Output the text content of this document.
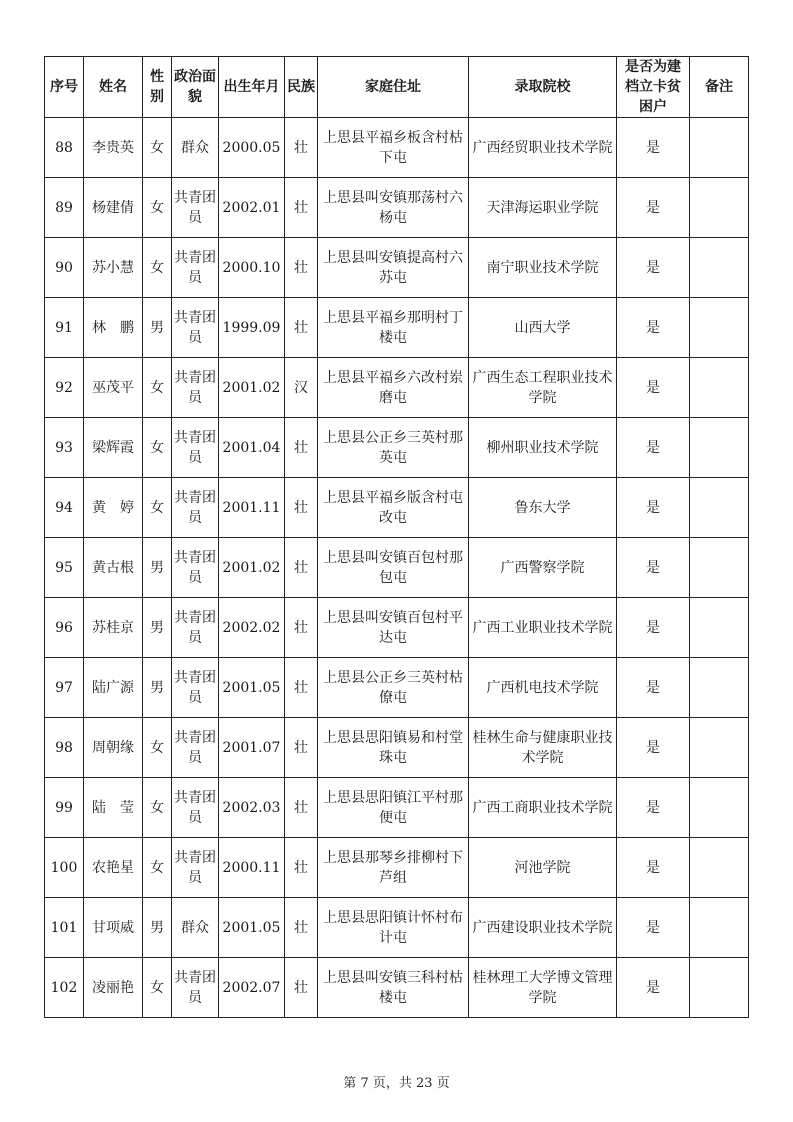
序号	姓名	性别	政治面貌	出生年月	民族	家庭住址	录取院校	是否为建档立卡贫困户	备注
88	李贵英	女	群众	2000.05	壮	上思县平福乡板含村枯下屯	广西经贸职业技术学院	是	
89	杨建倩	女	共青团员	2002.01	壮	上思县叫安镇那荡村六杨屯	天津海运职业学院	是	
90	苏小慧	女	共青团员	2000.10	壮	上思县叫安镇提高村六苏屯	南宁职业技术学院	是	
91	林　鹏	男	共青团员	1999.09	壮	上思县平福乡那明村丁楼屯	山西大学	是	
92	巫茂平	女	共青团员	2001.02	汉	上思县平福乡六改村岽磨屯	广西生态工程职业技术学院	是	
93	梁辉霞	女	共青团员	2001.04	壮	上思县公正乡三英村那英屯	柳州职业技术学院	是	
94	黄　婷	女	共青团员	2001.11	壮	上思县平福乡版含村屯改屯	鲁东大学	是	
95	黄古根	男	共青团员	2001.02	壮	上思县叫安镇百包村那包屯	广西警察学院	是	
96	苏桂京	男	共青团员	2002.02	壮	上思县叫安镇百包村平达屯	广西工业职业技术学院	是	
97	陆广源	男	共青团员	2001.05	壮	上思县公正乡三英村枯僚屯	广西机电技术学院	是	
98	周朝缘	女	共青团员	2001.07	壮	上思县思阳镇易和村堂珠屯	桂林生命与健康职业技术学院	是	
99	陆　莹	女	共青团员	2002.03	壮	上思县思阳镇江平村那便屯	广西工商职业技术学院	是	
100	农艳星	女	共青团员	2000.11	壮	上思县那琴乡排柳村下芦组	河池学院	是	
101	甘项威	男	群众	2001.05	壮	上思县思阳镇计怀村布计屯	广西建设职业技术学院	是	
102	凌丽艳	女	共青团员	2002.07	壮	上思县叫安镇三科村枯楼屯	桂林理工大学博文管理学院	是	
第 7 页，共 23 页
